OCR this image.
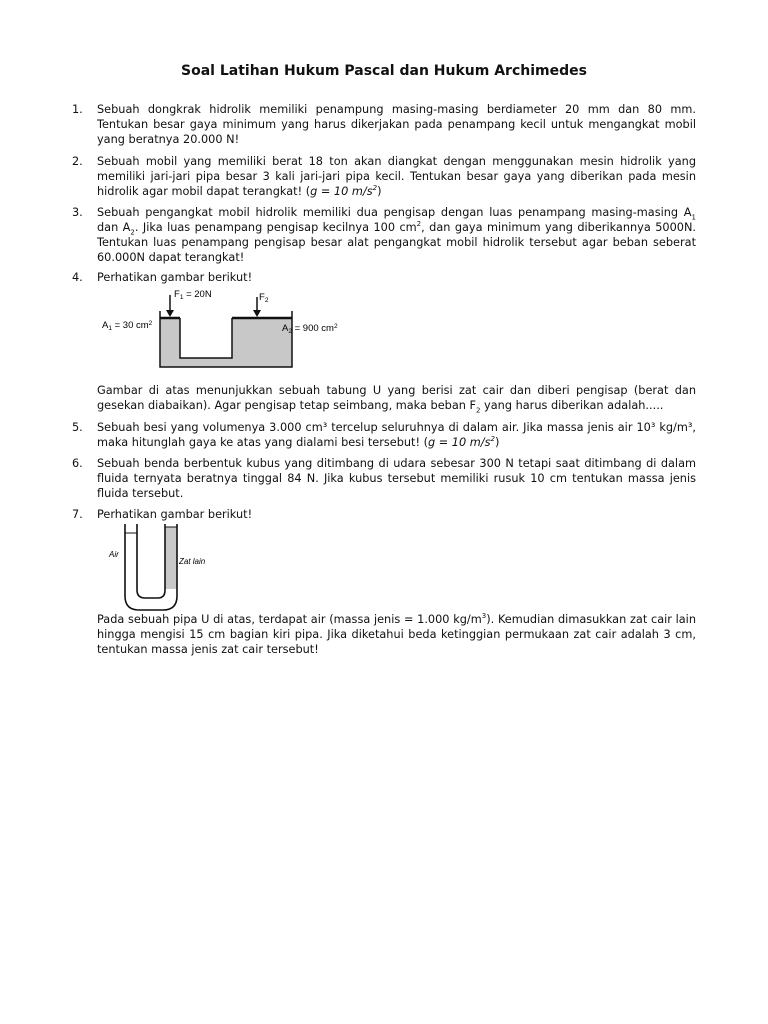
Soal Latihan Hukum Pascal dan Hukum Archimedes
1. Sebuah dongkrak hidrolik memiliki penampung masing-masing berdiameter 20 mm dan 80 mm. Tentukan besar gaya minimum yang harus dikerjakan pada penampang kecil untuk mengangkat mobil yang beratnya 20.000 N!

2. Sebuah mobil yang memiliki berat 18 ton akan diangkat dengan menggunakan mesin hidrolik yang memiliki jari-jari pipa besar 3 kali jari-jari pipa kecil. Tentukan besar gaya yang diberikan pada mesin hidrolik agar mobil dapat terangkat! (g = 10 $m/s^2$)

3. Sebuah pengangkat mobil hidrolik memiliki dua pengisap dengan luas penampang masing-masing $A_1$ dan $A_2$. Jika luas penampang pengisap kecilnya 100 $cm^2$, dan gaya minimum yang diberikannya 5000N. Tentukan luas penampang pengisap besar alat pengangkat mobil hidrolik tersebut agar beban seberat 60.000N dapat terangkat!

4. Perhatikan gambar berikut!

$F_1 = 20N$	$F_2$
$A_1 = 30$ $cm^2$	$A_2 = 900$ $cm^2$

Gambar di atas menunjukkan sebuah tabung U yang berisi zat cair dan diberi pengisap (berat dan gesekan diabaikan). Agar pengisap tetap seimbang, maka beban $F_2$ yang harus diberikan adalah.....

5. Sebuah besi yang volumenya 3.000 cm³ tercelup seluruhnya di dalam air. Jika massa jenis air 10³ kg/m³, maka hitunglah gaya ke atas yang dialami besi tersebut! (g = 10 $m/s^2$)

6. Sebuah benda berbentuk kubus yang ditimbang di udara sebesar 300 N tetapi saat ditimbang di dalam fluida ternyata beratnya tinggal 84 N. Jika kubus tersebut memiliki rusuk 10 cm tentukan massa jenis fluida tersebut.

7. Perhatikan gambar berikut!

Air
Zat lain

Pada sebuah pipa U di atas, terdapat air (massa jenis = 1.000 $kg/m^3$). Kemudian dimasukkan zat cair lain hingga mengisi 15 cm bagian kiri pipa. Jika diketahui beda ketinggian permukaan zat cair adalah 3 cm, tentukan massa jenis zat cair tersebut!
